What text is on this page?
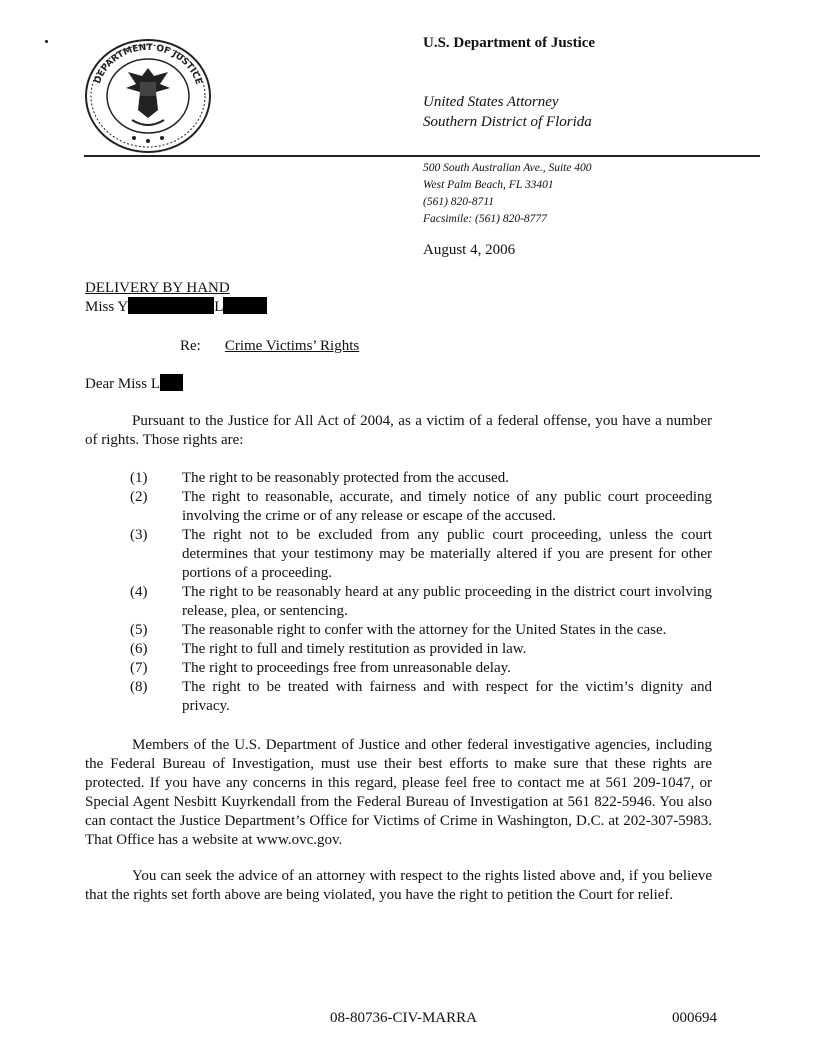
DEPARTMENT OF JUSTICE
U.S. Department of Justice
United States Attorney
Southern District of Florida
500 South Australian Ave., Suite 400
West Palm Beach, FL 33401
(561) 820-8711
Facsimile: (561) 820-8777
August 4, 2006
DELIVERY BY HAND
Miss Y	L
Re: Crime Victims’ Rights
Dear Miss L
Pursuant to the Justice for All Act of 2004, as a victim of a federal offense, you have a number of rights. Those rights are:
(1)	The right to be reasonably protected from the accused.
(2)	The right to reasonable, accurate, and timely notice of any public court proceeding involving the crime or of any release or escape of the accused.
(3)	The right not to be excluded from any public court proceeding, unless the court determines that your testimony may be materially altered if you are present for other portions of a proceeding.
(4)	The right to be reasonably heard at any public proceeding in the district court involving release, plea, or sentencing.
(5)	The reasonable right to confer with the attorney for the United States in the case.
(6)	The right to full and timely restitution as provided in law.
(7)	The right to proceedings free from unreasonable delay.
(8)	The right to be treated with fairness and with respect for the victim’s dignity and privacy.
Members of the U.S. Department of Justice and other federal investigative agencies, including the Federal Bureau of Investigation, must use their best efforts to make sure that these rights are protected. If you have any concerns in this regard, please feel free to contact me at 561 209-1047, or Special Agent Nesbitt Kuyrkendall from the Federal Bureau of Investigation at 561 822-5946. You also can contact the Justice Department’s Office for Victims of Crime in Washington, D.C. at 202-307-5983. That Office has a website at www.ovc.gov.
You can seek the advice of an attorney with respect to the rights listed above and, if you believe that the rights set forth above are being violated, you have the right to petition the Court for relief.
08-80736-CIV-MARRA	000694
